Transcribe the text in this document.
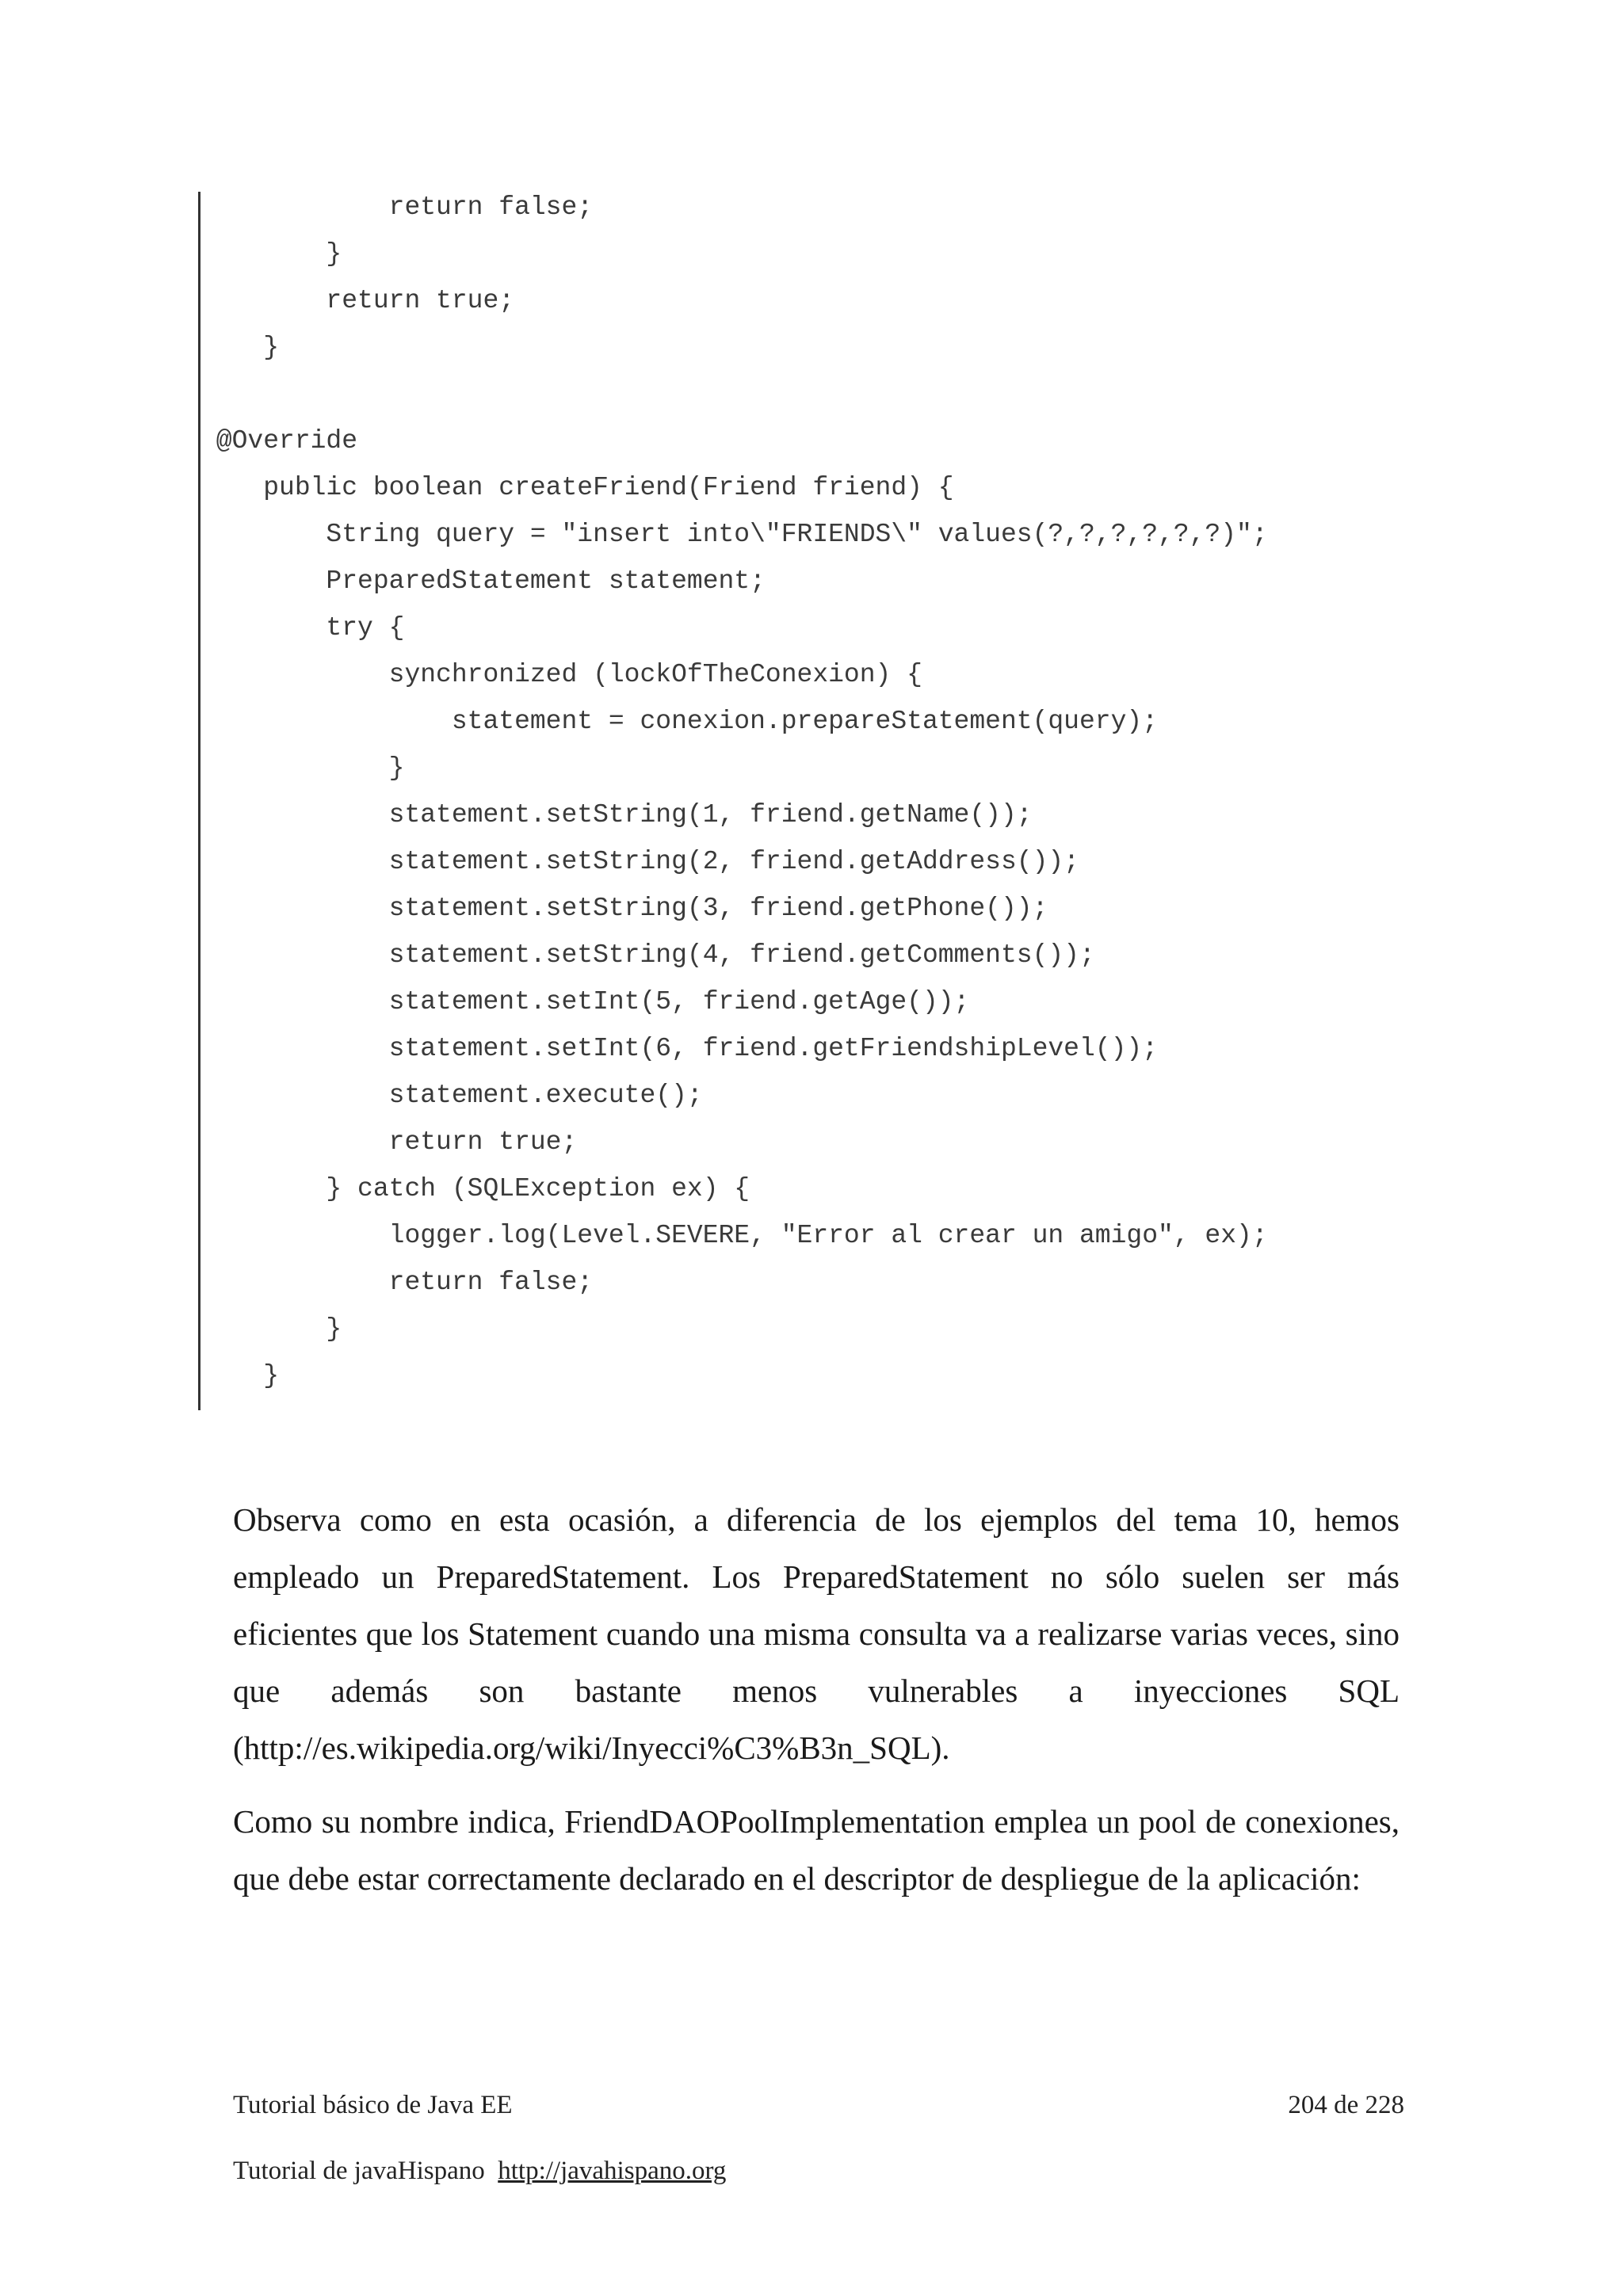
return false;
}
return true;
}
@Override
public boolean createFriend(Friend friend) {
String query = "insert into\"FRIENDS\" values(?,?,?,?,?,?)";
PreparedStatement statement;
try {
synchronized (lockOfTheConexion) {
statement = conexion.prepareStatement(query);
}
statement.setString(1, friend.getName());
statement.setString(2, friend.getAddress());
statement.setString(3, friend.getPhone());
statement.setString(4, friend.getComments());
statement.setInt(5, friend.getAge());
statement.setInt(6, friend.getFriendshipLevel());
statement.execute();
return true;
} catch (SQLException ex) {
logger.log(Level.SEVERE, "Error al crear un amigo", ex);
return false;
}
}

Observa como en esta ocasión, a diferencia de los ejemplos del tema 10, hemos empleado un PreparedStatement. Los PreparedStatement no sólo suelen ser más eficientes que los Statement cuando una misma consulta va a realizarse varias veces, sino que además son bastante menos vulnerables a inyecciones SQL (http://es.wikipedia.org/wiki/Inyecci%C3%B3n_SQL).

Como su nombre indica, FriendDAOPoolImplementation emplea un pool de conexiones, que debe estar correctamente declarado en el descriptor de despliegue de la aplicación:

Tutorial básico de Java EE	204 de 228
Tutorial de javaHispano http://javahispano.org
